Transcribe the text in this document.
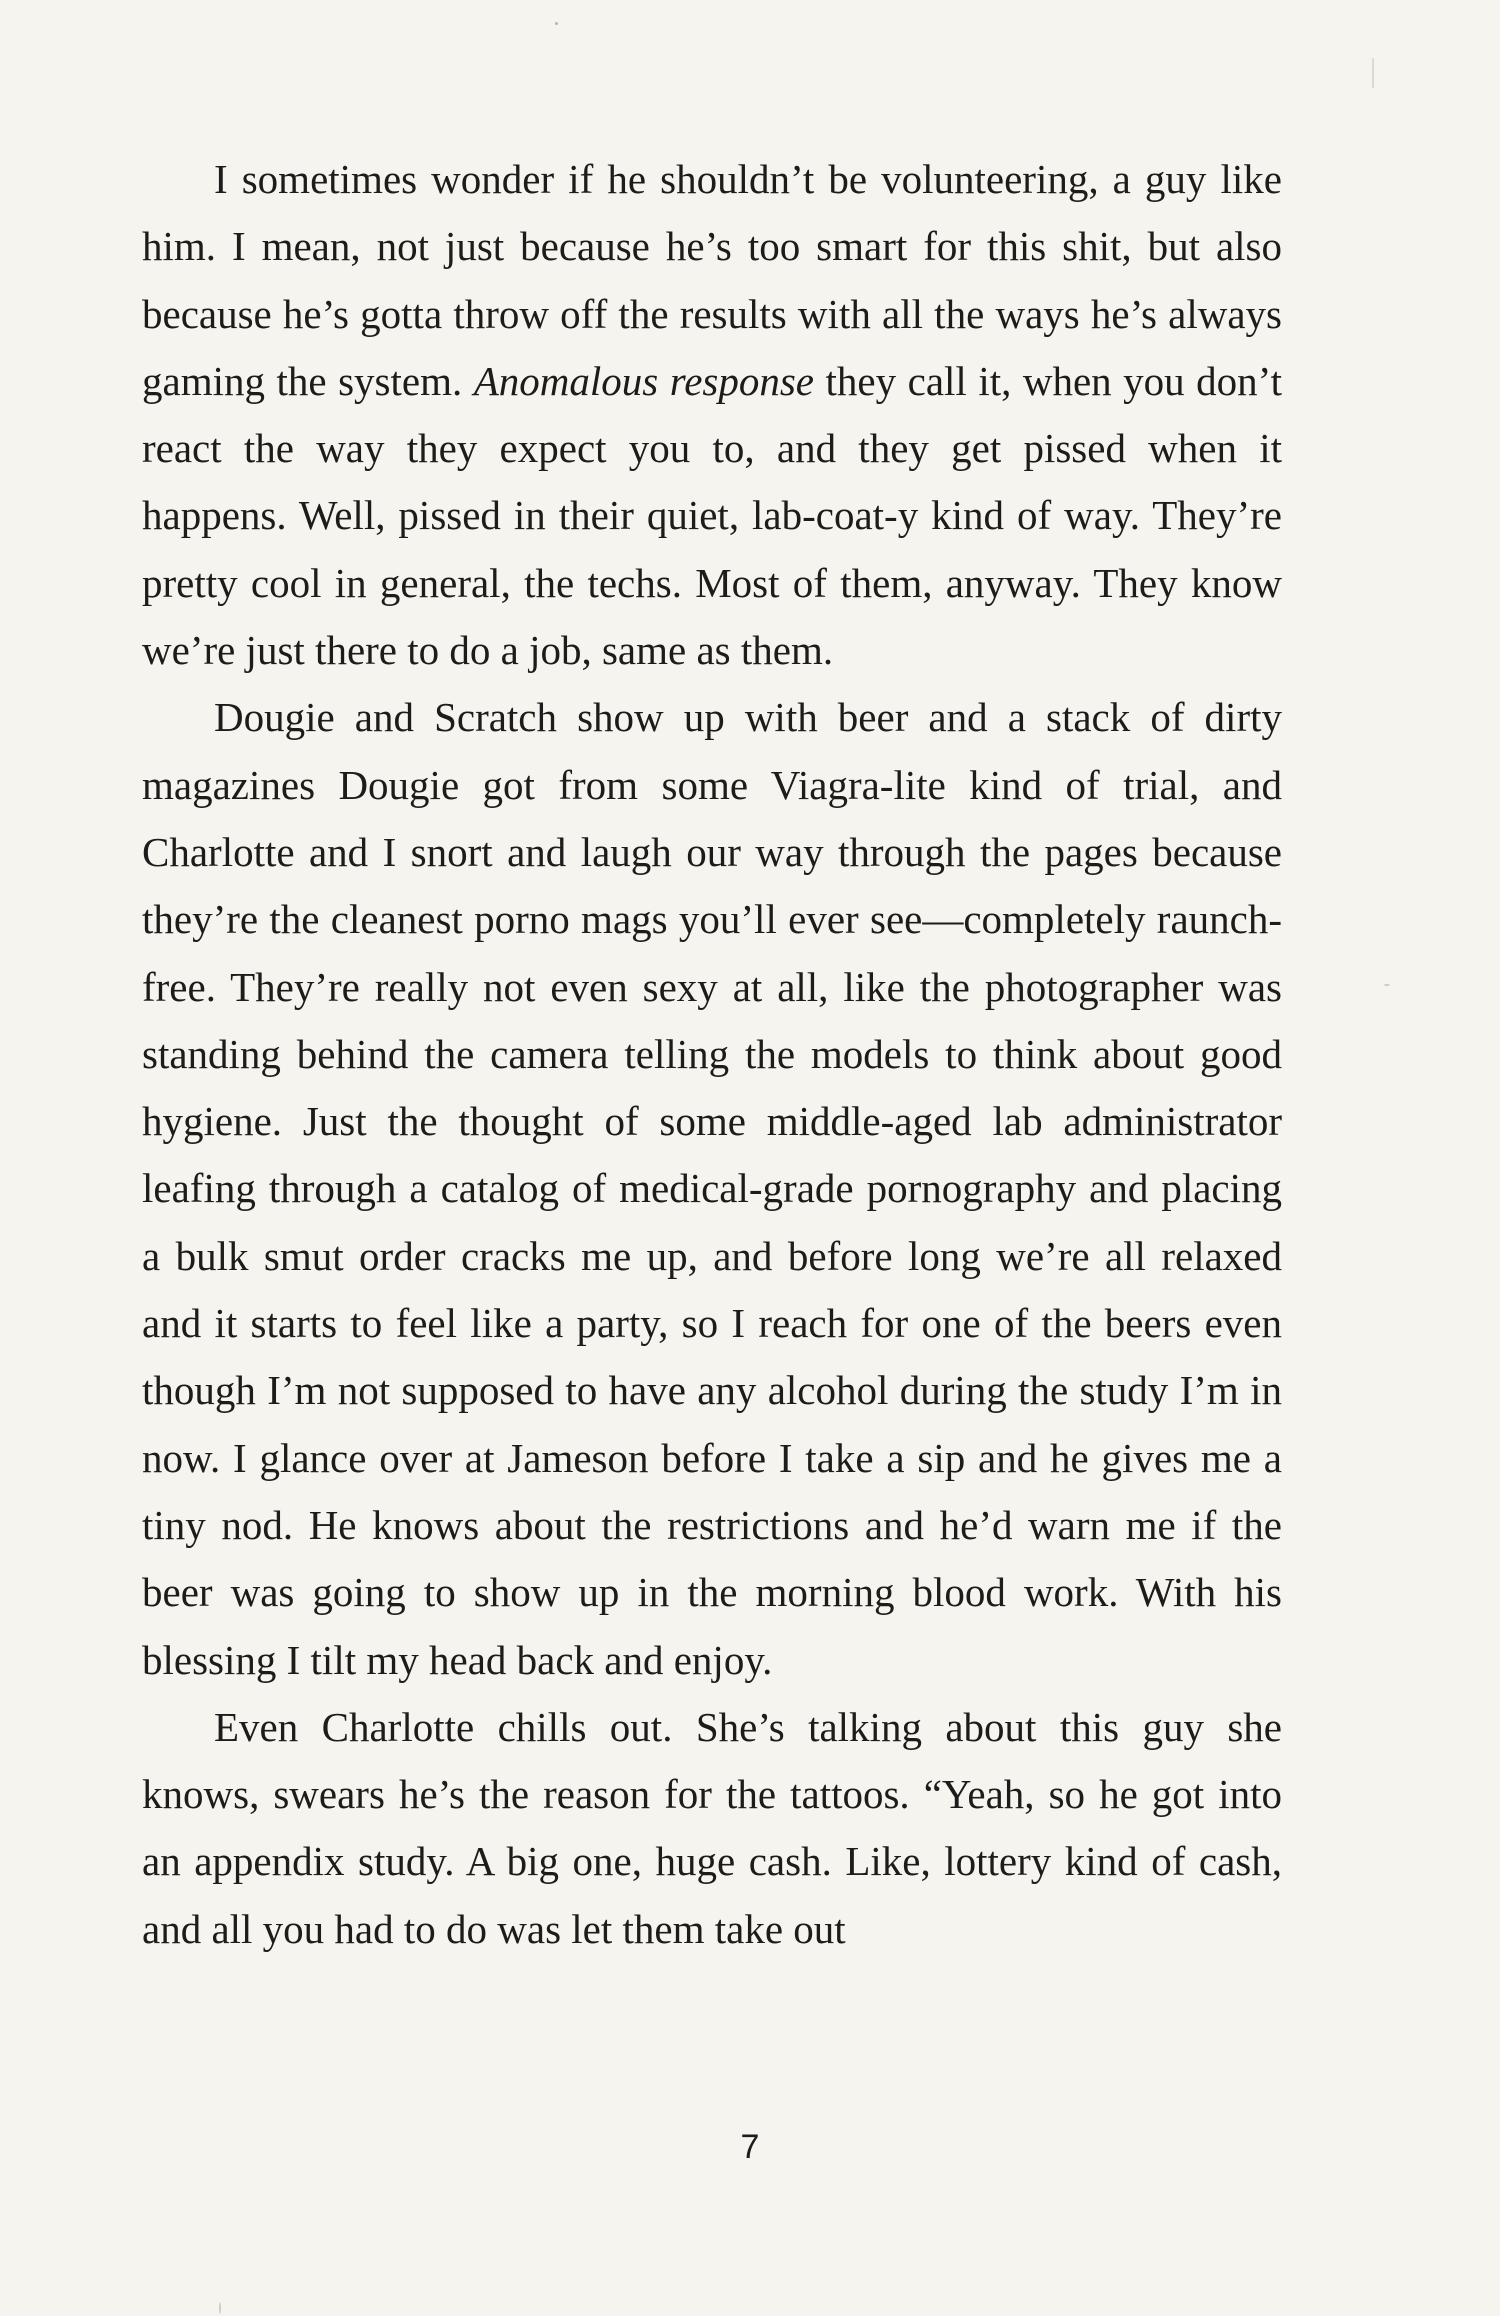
I sometimes wonder if he shouldn’t be volunteering, a guy like him. I mean, not just because he’s too smart for this shit, but also because he’s gotta throw off the results with all the ways he’s always gaming the system. Anomalous response they call it, when you don’t react the way they expect you to, and they get pissed when it happens. Well, pissed in their quiet, lab-coat-y kind of way. They’re pretty cool in general, the techs. Most of them, anyway. They know we’re just there to do a job, same as them.

Dougie and Scratch show up with beer and a stack of dirty magazines Dougie got from some Viagra-lite kind of trial, and Charlotte and I snort and laugh our way through the pages because they’re the cleanest porno mags you’ll ever see—completely raunch-free. They’re really not even sexy at all, like the photographer was standing behind the camera telling the models to think about good hygiene. Just the thought of some middle-aged lab administrator leafing through a catalog of medical-grade pornography and placing a bulk smut order cracks me up, and before long we’re all relaxed and it starts to feel like a party, so I reach for one of the beers even though I’m not supposed to have any alcohol during the study I’m in now. I glance over at Jameson before I take a sip and he gives me a tiny nod. He knows about the restrictions and he’d warn me if the beer was going to show up in the morning blood work. With his blessing I tilt my head back and enjoy.

Even Charlotte chills out. She’s talking about this guy she knows, swears he’s the reason for the tattoos. “Yeah, so he got into an appendix study. A big one, huge cash. Like, lottery kind of cash, and all you had to do was let them take out

7
